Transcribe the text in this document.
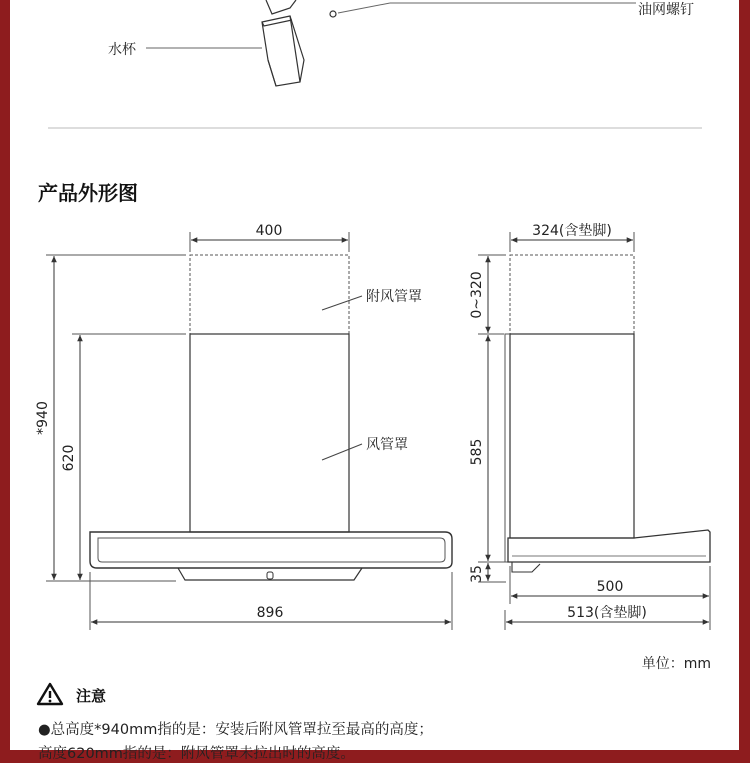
油网螺钉
水杯
产品外形图
400
附风管罩
风管罩
*940
620
896
324(含垫脚)
0~320
585
35
500
513(含垫脚)
单位：mm
注意
●总高度*940mm指的是：安装后附风管罩拉至最高的高度；
高度620mm指的是：附风管罩未拉出时的高度。
